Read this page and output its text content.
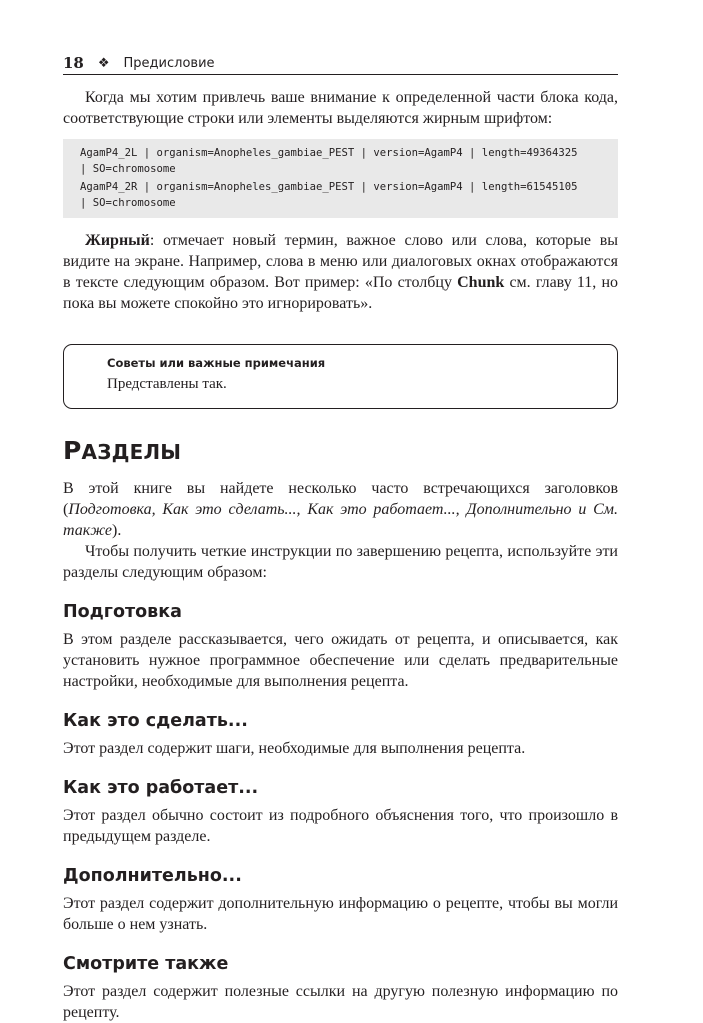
18 ❖ Предисловие

Когда мы хотим привлечь ваше внимание к определенной части блока кода, соответствующие строки или элементы выделяются жирным шрифтом:

AgamP4_2L | organism=Anopheles_gambiae_PEST | version=AgamP4 | length=49364325
| SO=chromosome
AgamP4_2R | organism=Anopheles_gambiae_PEST | version=AgamP4 | length=61545105
| SO=chromosome

Жирный: отмечает новый термин, важное слово или слова, которые вы видите на экране. Например, слова в меню или диалоговых окнах отображаются в тексте следующим образом. Вот пример: «По столбцу Chunk см. главу 11, но пока вы можете спокойно это игнорировать».

Советы или важные примечания
Представлены так.
РАЗДЕЛЫ

В этой книге вы найдете несколько часто встречающихся заголовков (Подготовка, Как это сделать..., Как это работает..., Дополнительно и См. также).

Чтобы получить четкие инструкции по завершению рецепта, используйте эти разделы следующим образом:

Подготовка

В этом разделе рассказывается, чего ожидать от рецепта, и описывается, как установить нужное программное обеспечение или сделать предварительные настройки, необходимые для выполнения рецепта.

Как это сделать...

Этот раздел содержит шаги, необходимые для выполнения рецепта.

Как это работает...

Этот раздел обычно состоит из подробного объяснения того, что произошло в предыдущем разделе.

Дополнительно...

Этот раздел содержит дополнительную информацию о рецепте, чтобы вы могли больше о нем узнать.

Смотрите также

Этот раздел содержит полезные ссылки на другую полезную информацию по рецепту.
